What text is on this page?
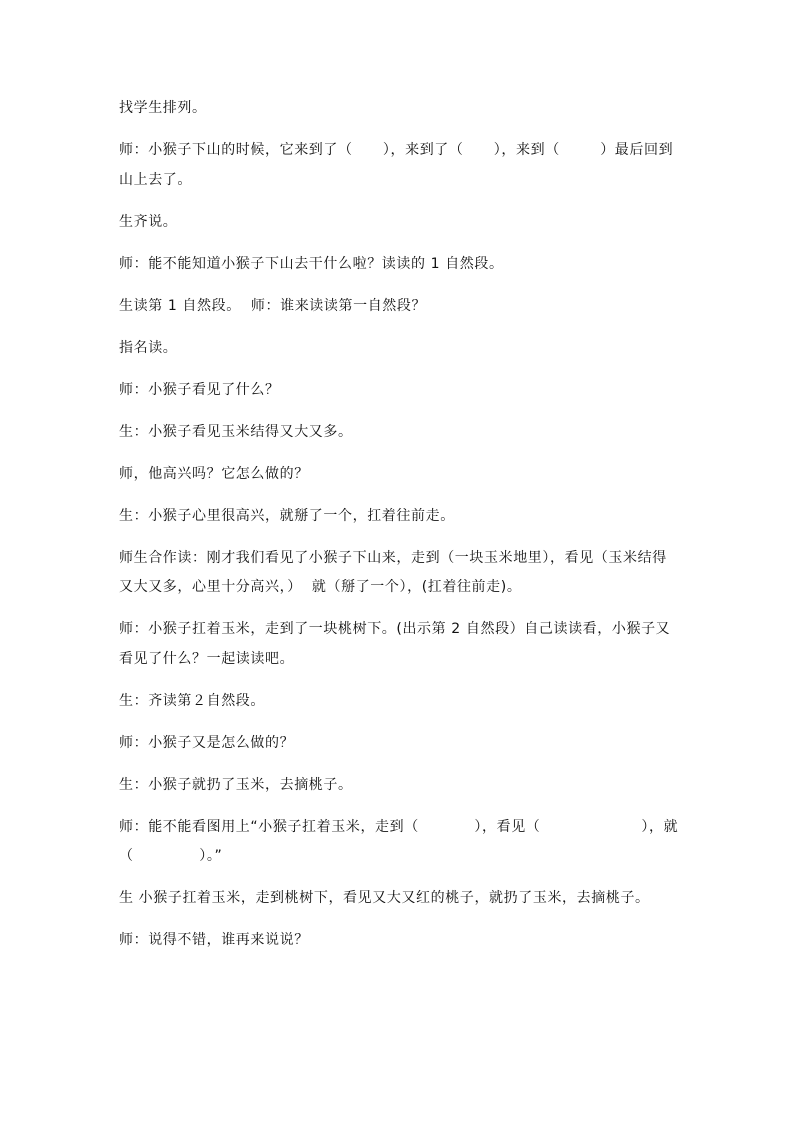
找学生排列。

师：小猴子下山的时候，它来到了（      ），来到了（      ），来到（        ）最后回到山上去了。

生齐说。

师：能不能知道小猴子下山去干什么啦？读读的 1 自然段。

生读第 1 自然段。  师：谁来读读第一自然段？

指名读。

师：小猴子看见了什么？

生：小猴子看见玉米结得又大又多。

师，他高兴吗？它怎么做的？

生：小猴子心里很高兴，就掰了一个，扛着往前走。

师生合作读：刚才我们看见了小猴子下山来，走到（一块玉米地里），看见（玉米结得又大又多，心里十分高兴，）  就（掰了一个），(扛着往前走)。

师：小猴子扛着玉米，走到了一块桃树下。(出示第 2 自然段）自己读读看，小猴子又看见了什么？一起读读吧。

生：齐读第２自然段。

师：小猴子又是怎么做的？

生：小猴子就扔了玉米，去摘桃子。

师：能不能看图用上“小猴子扛着玉米，走到（           ），看见（                    ），就（             ）。”

生 小猴子扛着玉米，走到桃树下，看见又大又红的桃子，就扔了玉米，去摘桃子。

师：说得不错，谁再来说说？
